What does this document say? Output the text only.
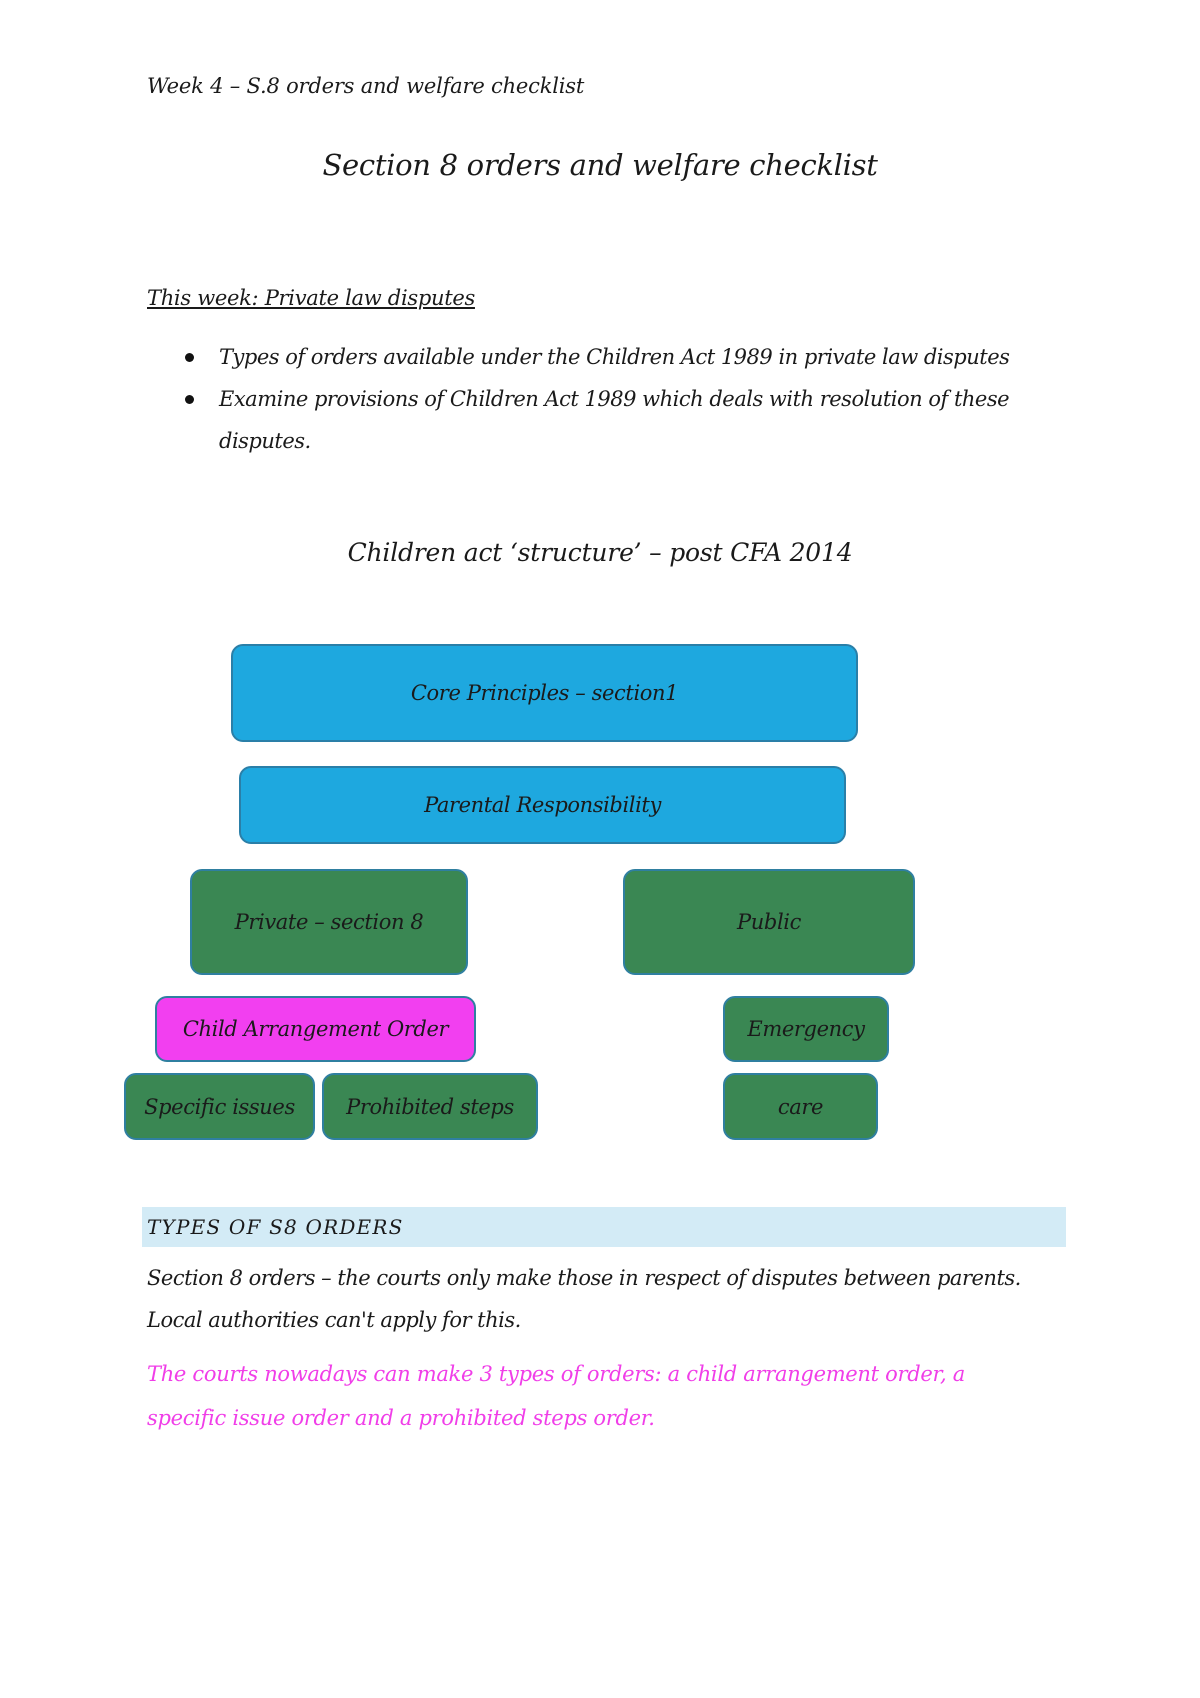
Week 4 – S.8 orders and welfare checklist
Section 8 orders and welfare checklist
This week: Private law disputes
Types of orders available under the Children Act 1989 in private law disputes
Examine provisions of Children Act 1989 which deals with resolution of these disputes.
Children act ‘structure’ – post CFA 2014
Core Principles – section1
Parental Responsibility
Private – section 8	Public
Child Arrangement Order	Emergency
Specific issues Prohibited steps	care
TYPES OF S8 ORDERS
Section 8 orders – the courts only make those in respect of disputes between parents. Local authorities can't apply for this.
The courts nowadays can make 3 types of orders: a child arrangement order, a specific issue order and a prohibited steps order.
